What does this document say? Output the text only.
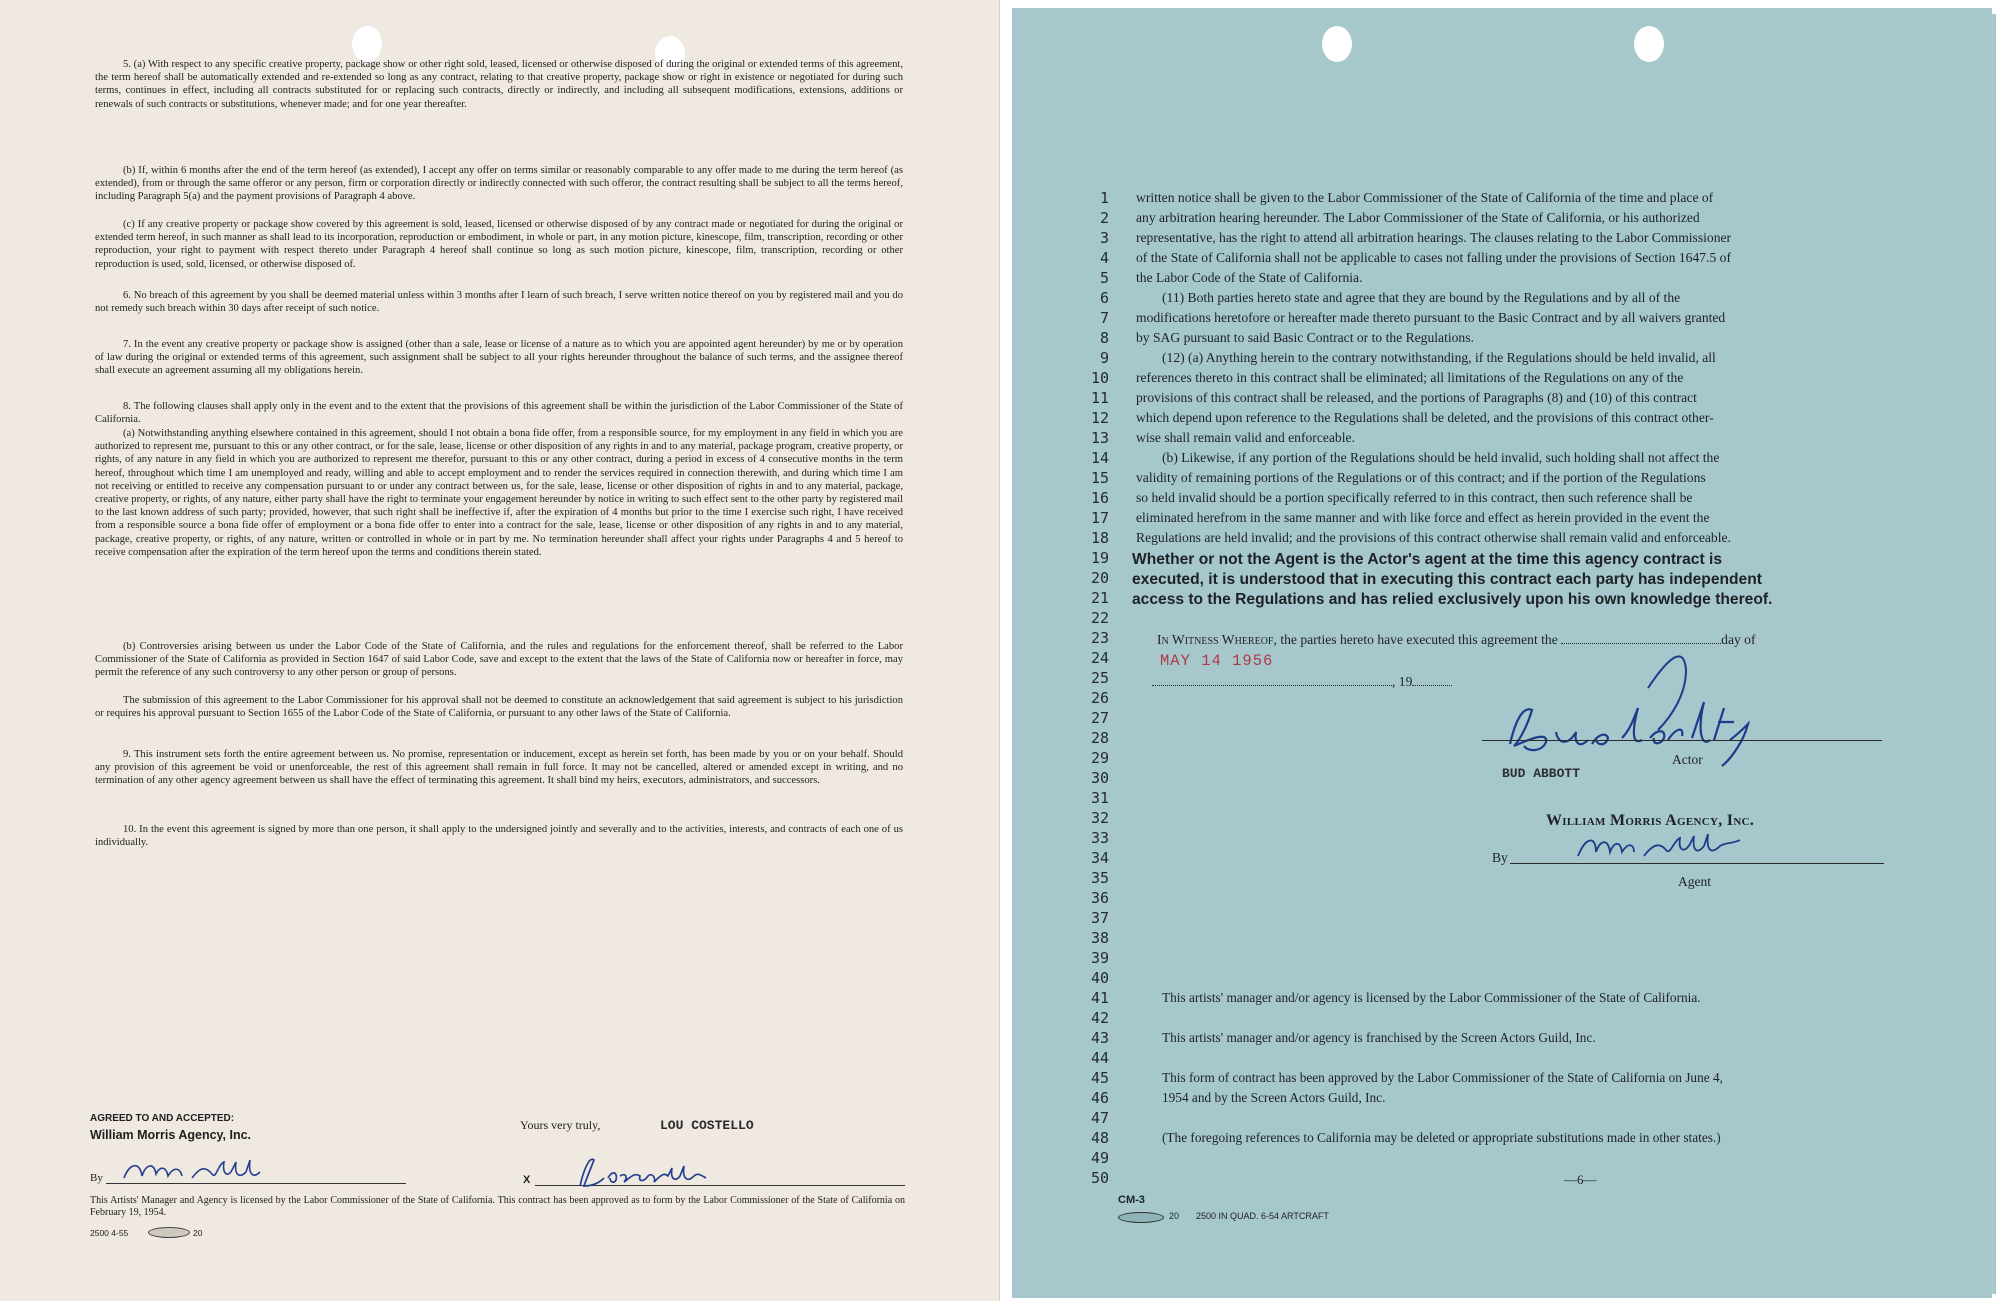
5. (a) With respect to any specific creative property, package show or other right sold, leased, licensed or otherwise disposed of during the original or extended terms of this agreement, the term hereof shall be automatically extended and re-extended so long as any contract, relating to that creative property, package show or right in existence or negotiated for during such terms, continues in effect, including all contracts substituted for or replacing such contracts, directly or indirectly, and including all subsequent modifications, extensions, additions or renewals of such contracts or substitutions, whenever made; and for one year thereafter.

(b) If, within 6 months after the end of the term hereof (as extended), I accept any offer on terms similar or reasonably comparable to any offer made to me during the term hereof (as extended), from or through the same offeror or any person, firm or corporation directly or indirectly connected with such offeror, the contract resulting shall be subject to all the terms hereof, including Paragraph 5(a) and the payment provisions of Paragraph 4 above.

(c) If any creative property or package show covered by this agreement is sold, leased, licensed or otherwise disposed of by any contract made or negotiated for during the original or extended term hereof, in such manner as shall lead to its incorporation, reproduction or embodiment, in whole or part, in any motion picture, kinescope, film, transcription, recording or other reproduction, your right to payment with respect thereto under Paragraph 4 hereof shall continue so long as such motion picture, kinescope, film, transcription, recording or other reproduction is used, sold, licensed, or otherwise disposed of.

6. No breach of this agreement by you shall be deemed material unless within 3 months after I learn of such breach, I serve written notice thereof on you by registered mail and you do not remedy such breach within 30 days after receipt of such notice.

7. In the event any creative property or package show is assigned (other than a sale, lease or license of a nature as to which you are appointed agent hereunder) by me or by operation of law during the original or extended terms of this agreement, such assignment shall be subject to all your rights hereunder throughout the balance of such terms, and the assignee thereof shall execute an agreement assuming all my obligations herein.

8. The following clauses shall apply only in the event and to the extent that the provisions of this agreement shall be within the jurisdiction of the Labor Commissioner of the State of California.

(a) Notwithstanding anything elsewhere contained in this agreement, should I not obtain a bona fide offer, from a responsible source, for my employment in any field in which you are authorized to represent me, pursuant to this or any other contract, or for the sale, lease, license or other disposition of any rights in and to any material, package program, creative property, or rights, of any nature in any field in which you are authorized to represent me therefor, pursuant to this or any other contract, during a period in excess of 4 consecutive months in the term hereof, throughout which time I am unemployed and ready, willing and able to accept employment and to render the services required in connection therewith, and during which time I am not receiving or entitled to receive any compensation pursuant to or under any contract between us, for the sale, lease, license or other disposition of rights in and to any material, package, creative property, or rights, of any nature, either party shall have the right to terminate your engagement hereunder by notice in writing to such effect sent to the other party by registered mail to the last known address of such party; provided, however, that such right shall be ineffective if, after the expiration of 4 months but prior to the time I exercise such right, I have received from a responsible source a bona fide offer of employment or a bona fide offer to enter into a contract for the sale, lease, license or other disposition of any rights in and to any material, package, creative property, or rights, of any nature, written or controlled in whole or in part by me. No termination hereunder shall affect your rights under Paragraphs 4 and 5 hereof to receive compensation after the expiration of the term hereof upon the terms and conditions therein stated.

(b) Controversies arising between us under the Labor Code of the State of California, and the rules and regulations for the enforcement thereof, shall be referred to the Labor Commissioner of the State of California as provided in Section 1647 of said Labor Code, save and except to the extent that the laws of the State of California now or hereafter in force, may permit the reference of any such controversy to any other person or group of persons.

The submission of this agreement to the Labor Commissioner for his approval shall not be deemed to constitute an acknowledgement that said agreement is subject to his jurisdiction or requires his approval pursuant to Section 1655 of the Labor Code of the State of California, or pursuant to any other laws of the State of California.

9. This instrument sets forth the entire agreement between us. No promise, representation or inducement, except as herein set forth, has been made by you or on your behalf. Should any provision of this agreement be void or unenforceable, the rest of this agreement shall remain in full force. It may not be cancelled, altered or amended except in writing, and no termination of any other agency agreement between us shall have the effect of terminating this agreement. It shall bind my heirs, executors, administrators, and successors.

10. In the event this agreement is signed by more than one person, it shall apply to the undersigned jointly and severally and to the activities, interests, and contracts of each one of us individually.

AGREED TO AND ACCEPTED:
William Morris Agency, Inc.
Yours very truly,	LOU COSTELLO
By	X

This Artists' Manager and Agency is licensed by the Labor Commissioner of the State of California. This contract has been approved as to form by the Labor Commissioner of the State of California on February 19, 1954.

2500 4-55	20
1 written notice shall be given to the Labor Commissioner of the State of California of the time and place of
2 any arbitration hearing hereunder. The Labor Commissioner of the State of California, or his authorized
3 representative, has the right to attend all arbitration hearings. The clauses relating to the Labor Commissioner
4 of the State of California shall not be applicable to cases not falling under the provisions of Section 1647.5 of
5 the Labor Code of the State of California.
6	(11) Both parties hereto state and agree that they are bound by the Regulations and by all of the
7 modifications heretofore or hereafter made thereto pursuant to the Basic Contract and by all waivers granted
8 by SAG pursuant to said Basic Contract or to the Regulations.
9	(12) (a) Anything herein to the contrary notwithstanding, if the Regulations should be held invalid, all
10 references thereto in this contract shall be eliminated; all limitations of the Regulations on any of the
11 provisions of this contract shall be released, and the portions of Paragraphs (8) and (10) of this contract
12 which depend upon reference to the Regulations shall be deleted, and the provisions of this contract other-
13 wise shall remain valid and enforceable.
14	(b) Likewise, if any portion of the Regulations should be held invalid, such holding shall not affect the
15 validity of remaining portions of the Regulations or of this contract; and if the portion of the Regulations
16 so held invalid should be a portion specifically referred to in this contract, then such reference shall be
17 eliminated herefrom in the same manner and with like force and effect as herein provided in the event the
18 Regulations are held invalid; and the provisions of this contract otherwise shall remain valid and enforceable.
19
20
21
22
23
24
25
26
27
28
29
30
31
32
33
34
35
36
37
38
39
40
41	This artists' manager and/or agency is licensed by the Labor Commissioner of the State of California.
42
43	This artists' manager and/or agency is franchised by the Screen Actors Guild, Inc.
44
45	This form of contract has been approved by the Labor Commissioner of the State of California on June 4,
46	1954 and by the Screen Actors Guild, Inc.
47
48	(The foregoing references to California may be deleted or appropriate substitutions made in other states.)
49
50
Whether or not the Agent is the Actor's agent at the time this agency contract is
executed, it is understood that in executing this contract each party has independent
access to the Regulations and has relied exclusively upon his own knowledge thereof.
In Witness Whereof, the parties hereto have executed this agreement the	day of
MAY 14 1956
, 19
BUD ABBOTT
Actor
William Morris Agency, Inc.
By
Agent
—6—
CM-3
20 2500 IN QUAD. 6-54 ARTCRAFT
